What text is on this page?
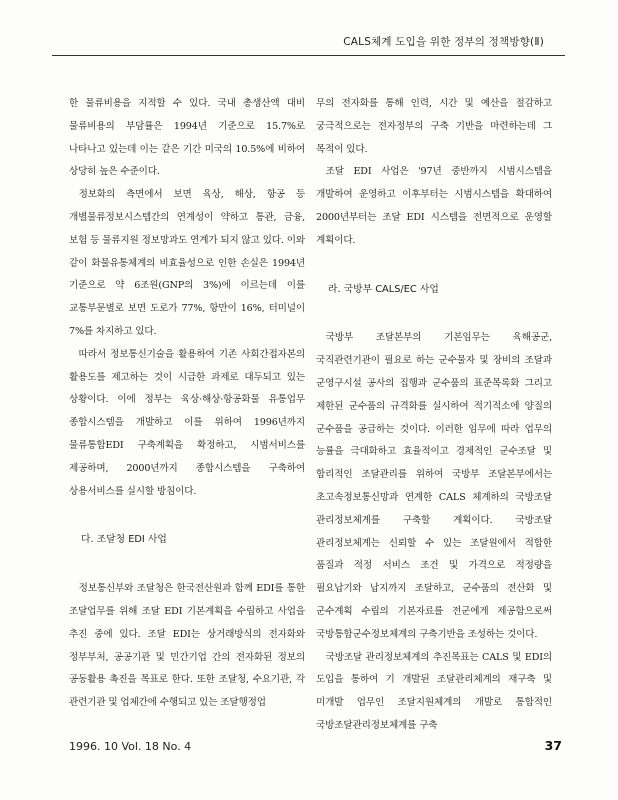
CALS체계 도입을 위한 정부의 정책방향(Ⅱ)

한 물류비용을 지적할 수 있다. 국내 총생산액 대비 물류비용의 부담률은 1994년 기준으로 15.7%로 나타나고 있는데 이는 같은 기간 미국의 10.5%에 비하여 상당히 높은 수준이다.

정보화의 측면에서 보면 육상, 해상, 항공 등 개별물류정보시스템간의 연계성이 약하고 통관, 금융, 보험 등 물류지원 정보망과도 연계가 되지 않고 있다. 이와 같이 화물유통체계의 비효율성으로 인한 손실은 1994년 기준으로 약 6조원(GNP의 3%)에 이르는데 이를 교통부문별로 보면 도로가 77%, 항만이 16%, 터미널이 7%를 차지하고 있다.

따라서 정보통신기술을 활용하여 기존 사회간접자본의 활용도를 제고하는 것이 시급한 과제로 대두되고 있는 상황이다. 이에 정부는 육상·해상·항공화물 유통업무 종합시스템을 개발하고 이를 위하여 1996년까지 물류통합EDI 구축계획을 확정하고, 시범서비스를 제공하며, 2000년까지 종합시스템을 구축하여 상용서비스를 실시할 방침이다.

다. 조달청 EDI 사업

정보통신부와 조달청은 한국전산원과 함께 EDI를 통한 조달업무를 위해 조달 EDI 기본계획을 수립하고 사업을 추진 중에 있다. 조달 EDI는 상거래방식의 전자화와 정부부처, 공공기관 및 민간기업 간의 전자화된 정보의 공동활용 촉진을 목표로 한다. 또한 조달청, 수요기관, 각 관련기관 및 업체간에 수행되고 있는 조달행정업

무의 전자화를 통해 인력, 시간 및 예산을 절감하고 궁극적으로는 전자정부의 구축 기반을 마련하는데 그 목적이 있다.

조달 EDI 사업은 '97년 중반까지 시범시스템을 개발하여 운영하고 이후부터는 시범시스템을 확대하여 2000년부터는 조달 EDI 시스템을 전면적으로 운영할 계획이다.

라. 국방부 CALS/EC 사업

국방부 조달본부의 기본임무는 육해공군, 국직관련기관이 필요로 하는 군수물자 및 장비의 조달과 군영구시설 공사의 집행과 군수품의 표준목록화 그리고 제한된 군수품의 규격화를 실시하여 적기적소에 양질의 군수품을 공급하는 것이다. 이러한 임무에 따라 업무의 능률을 극대화하고 효율적이고 경제적인 군수조달 및 합리적인 조달관리를 위하여 국방부 조달본부에서는 초고속정보통신망과 연계한 CALS 체계하의 국방조달 관리정보체계를 구축할 계획이다. 국방조달 관리정보체계는 신뢰할 수 있는 조달원에서 적합한 품질과 적정 서비스 조건 및 가격으로 적정량을 필요납기와 납지까지 조달하고, 군수품의 전산화 및 군수계획 수립의 기본자료를 전군에게 제공함으로써 국방통합군수정보체계의 구축기반을 조성하는 것이다.

국방조달 관리정보체계의 추진목표는 CALS 및 EDI의 도입을 통하여 기 개발된 조달관리체계의 재구축 및 미개발 업무인 조달지원체계의 개발로 통합적인 국방조달관리정보체계를 구축

1996. 10 Vol. 18 No. 4	37
